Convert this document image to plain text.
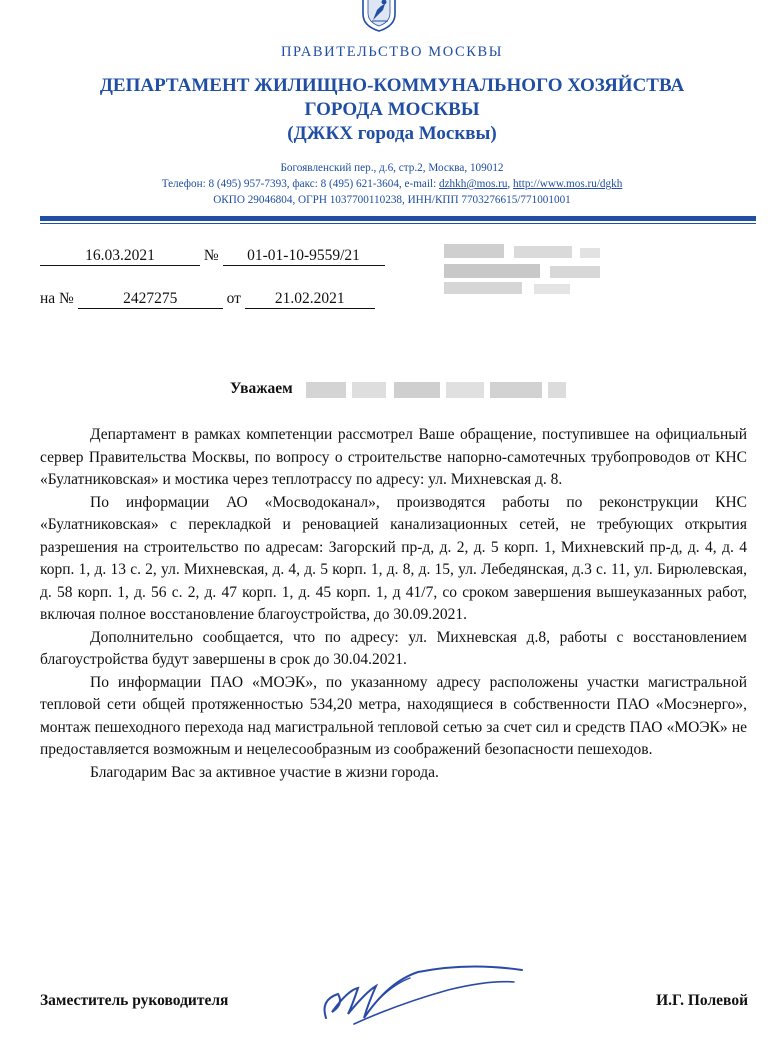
ПРАВИТЕЛЬСТВО МОСКВЫ
ДЕПАРТАМЕНТ ЖИЛИЩНО-КОММУНАЛЬНОГО ХОЗЯЙСТВА
ГОРОДА МОСКВЫ
(ДЖКХ города Москвы)
Богоявленский пер., д.6, стр.2, Москва, 109012
Телефон: 8 (495) 957-7393, факс: 8 (495) 621-3604, e-mail: dzhkh@mos.ru, http://www.mos.ru/dgkh
ОКПО 29046804, ОГРН 1037700110238, ИНН/КПП 7703276615/771001001
16.03.2021	№ 01-01-10-9559/21
на №	2427275	от 21.02.2021
Уважаем

Департамент в рамках компетенции рассмотрел Ваше обращение, поступившее на официальный сервер Правительства Москвы, по вопросу о строительстве напорно-самотечных трубопроводов от КНС «Булатниковская» и мостика через теплотрассу по адресу: ул. Михневская д. 8.

По информации АО «Мосводоканал», производятся работы по реконструкции КНС «Булатниковская» с перекладкой и реновацией канализационных сетей, не требующих открытия разрешения на строительство по адресам: Загорский пр-д, д. 2, д. 5 корп. 1, Михневский пр-д, д. 4, д. 4 корп. 1, д. 13 с. 2, ул. Михневская, д. 4, д. 5 корп. 1, д. 8, д. 15, ул. Лебедянская, д.3 с. 11, ул. Бирюлевская, д. 58 корп. 1, д. 56 с. 2, д. 47 корп. 1, д. 45 корп. 1, д 41/7, со сроком завершения вышеуказанных работ, включая полное восстановление благоустройства, до 30.09.2021.

Дополнительно сообщается, что по адресу: ул. Михневская д.8, работы с восстановлением благоустройства будут завершены в срок до 30.04.2021.

По информации ПАО «МОЭК», по указанному адресу расположены участки магистральной тепловой сети общей протяженностью 534,20 метра, находящиеся в собственности ПАО «Мосэнерго», монтаж пешеходного перехода над магистральной тепловой сетью за счет сил и средств ПАО «МОЭК» не предоставляется возможным и нецелесообразным из соображений безопасности пешеходов.

Благодарим Вас за активное участие в жизни города.

Заместитель руководителя	И.Г. Полевой
